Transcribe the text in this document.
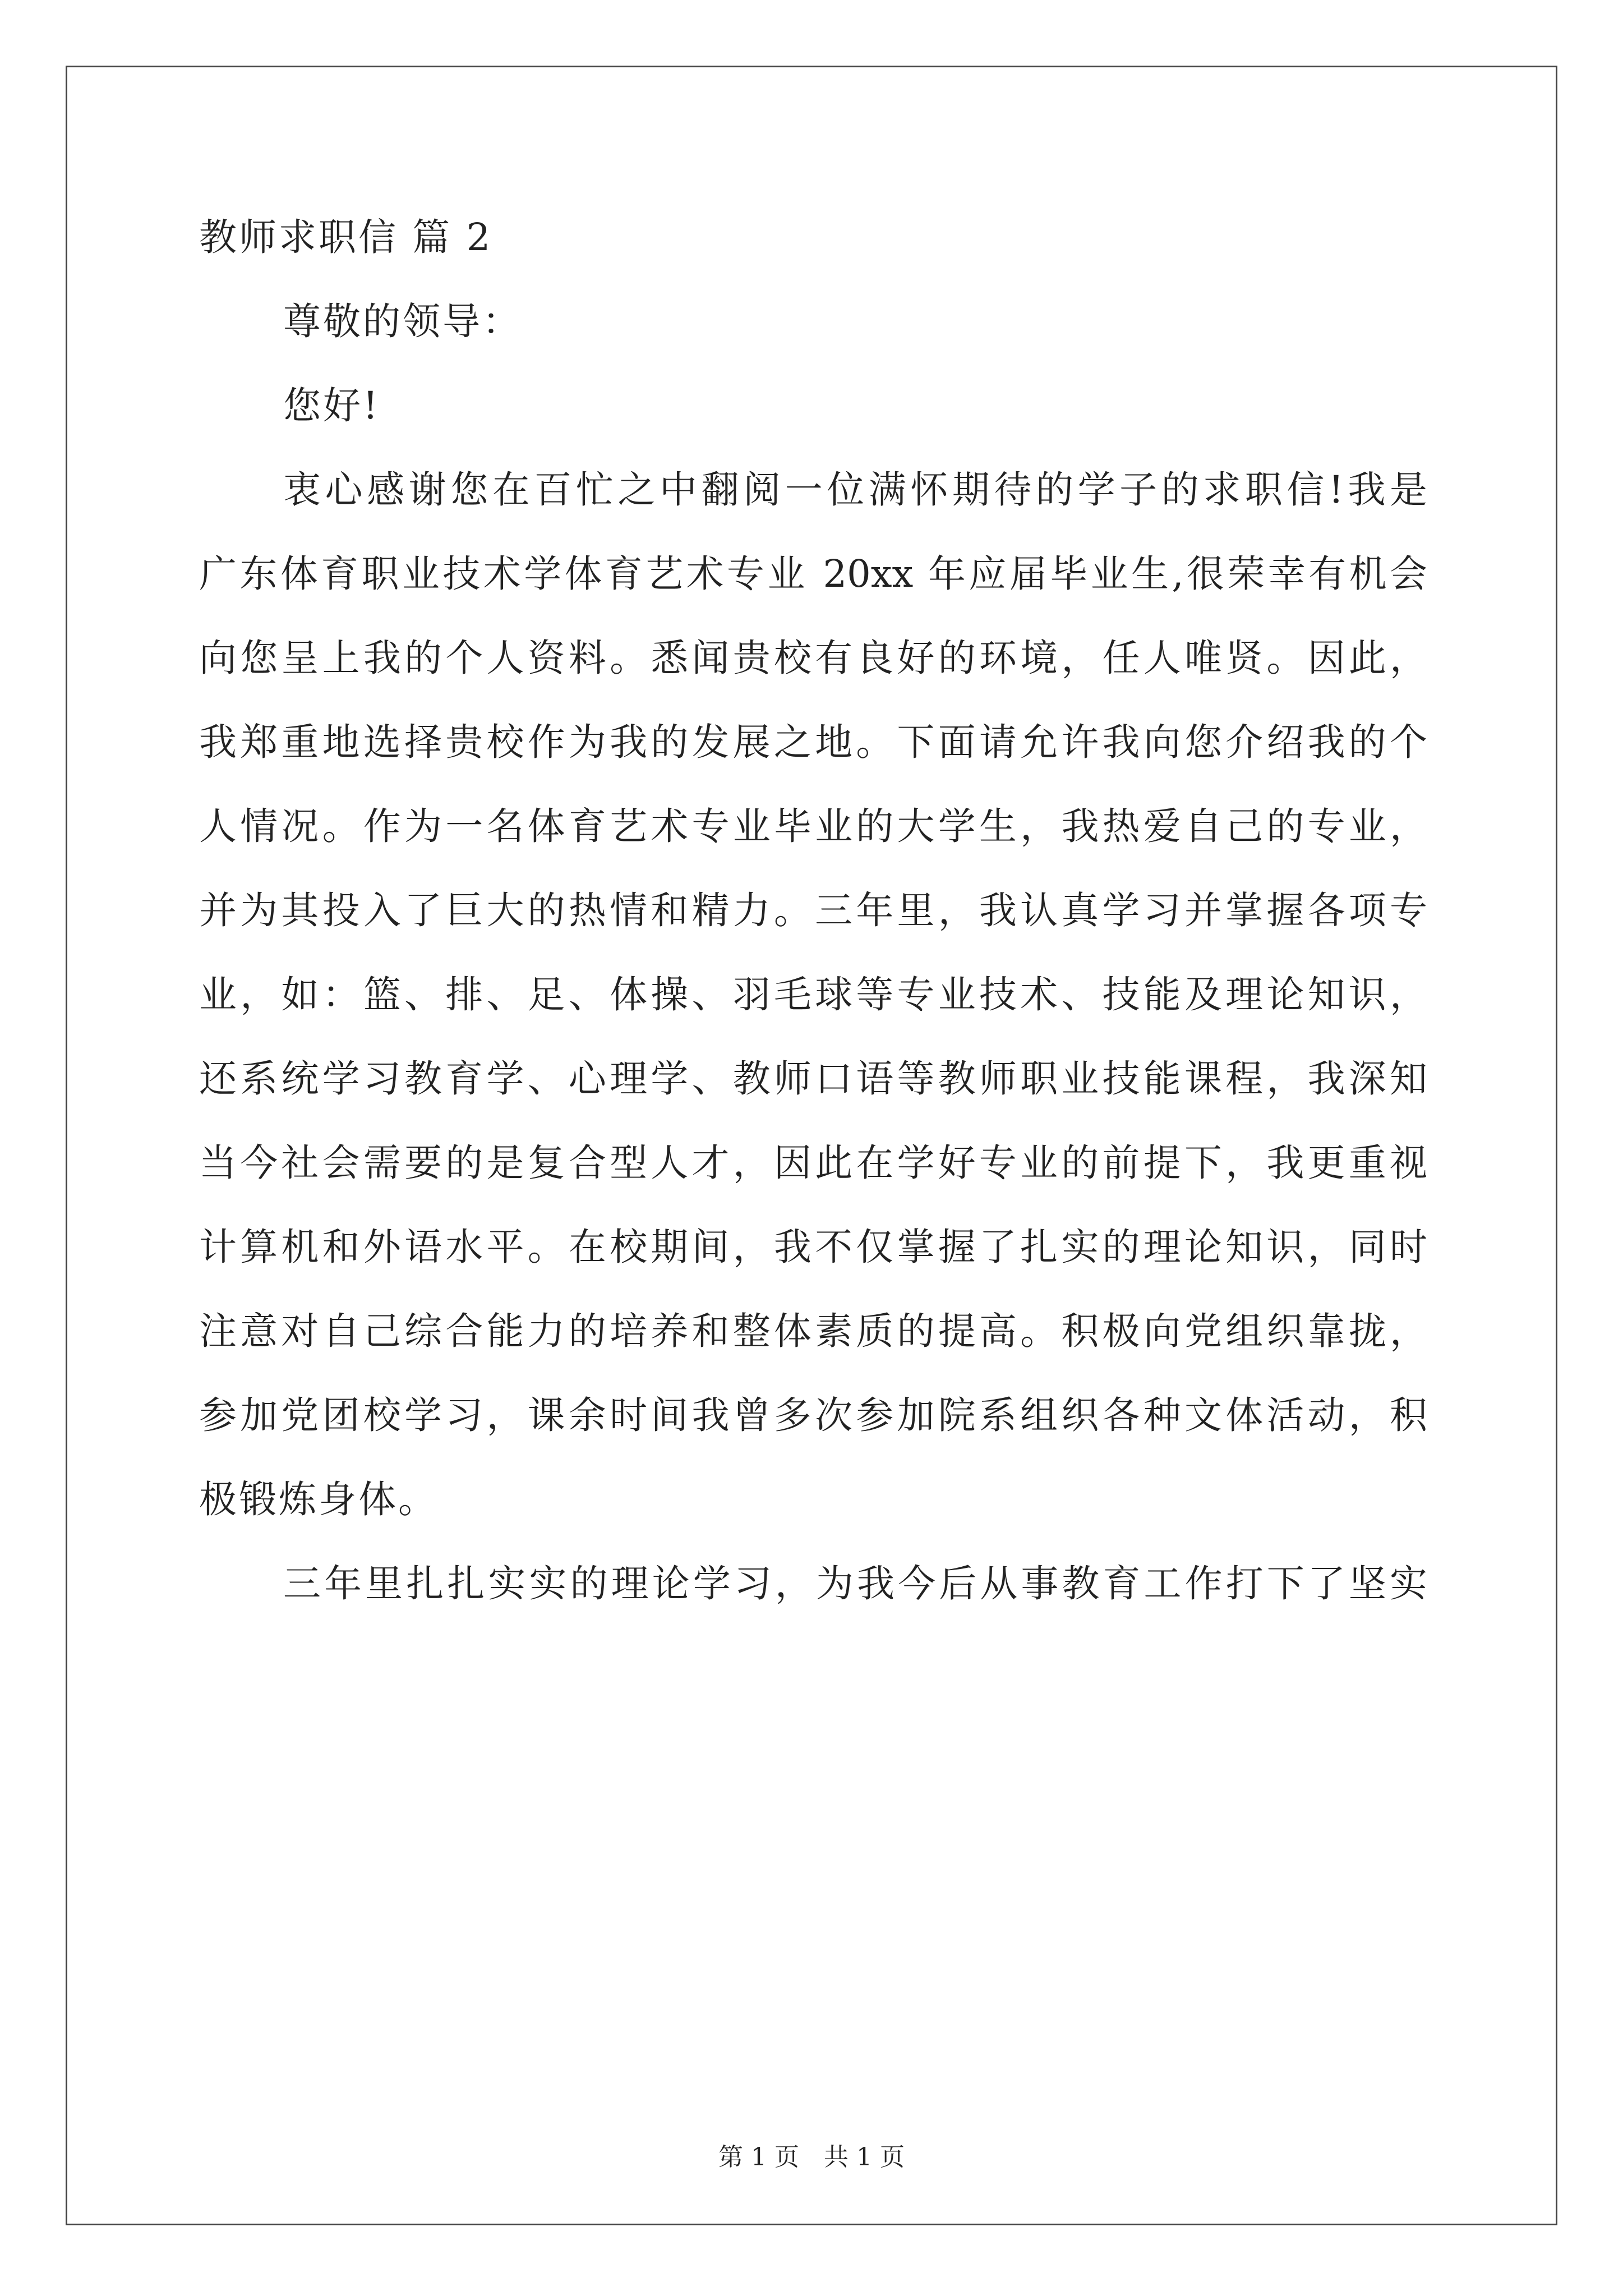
教师求职信 篇 2
尊敬的领导：
您好!
衷心感谢您在百忙之中翻阅一位满怀期待的学子的求职信!我是
广东体育职业技术学体育艺术专业 20xx 年应届毕业生,很荣幸有机会
向您呈上我的个人资料。悉闻贵校有良好的环境，任人唯贤。因此，
我郑重地选择贵校作为我的发展之地。下面请允许我向您介绍我的个
人情况。作为一名体育艺术专业毕业的大学生，我热爱自己的专业，
并为其投入了巨大的热情和精力。三年里，我认真学习并掌握各项专
业，如：篮、排、足、体操、羽毛球等专业技术、技能及理论知识，
还系统学习教育学、心理学、教师口语等教师职业技能课程，我深知
当今社会需要的是复合型人才，因此在学好专业的前提下，我更重视
计算机和外语水平。在校期间，我不仅掌握了扎实的理论知识，同时
注意对自己综合能力的培养和整体素质的提高。积极向党组织靠拢，
参加党团校学习，课余时间我曾多次参加院系组织各种文体活动，积
极锻炼身体。
三年里扎扎实实的理论学习，为我今后从事教育工作打下了坚实
第 1 页　共 1 页
